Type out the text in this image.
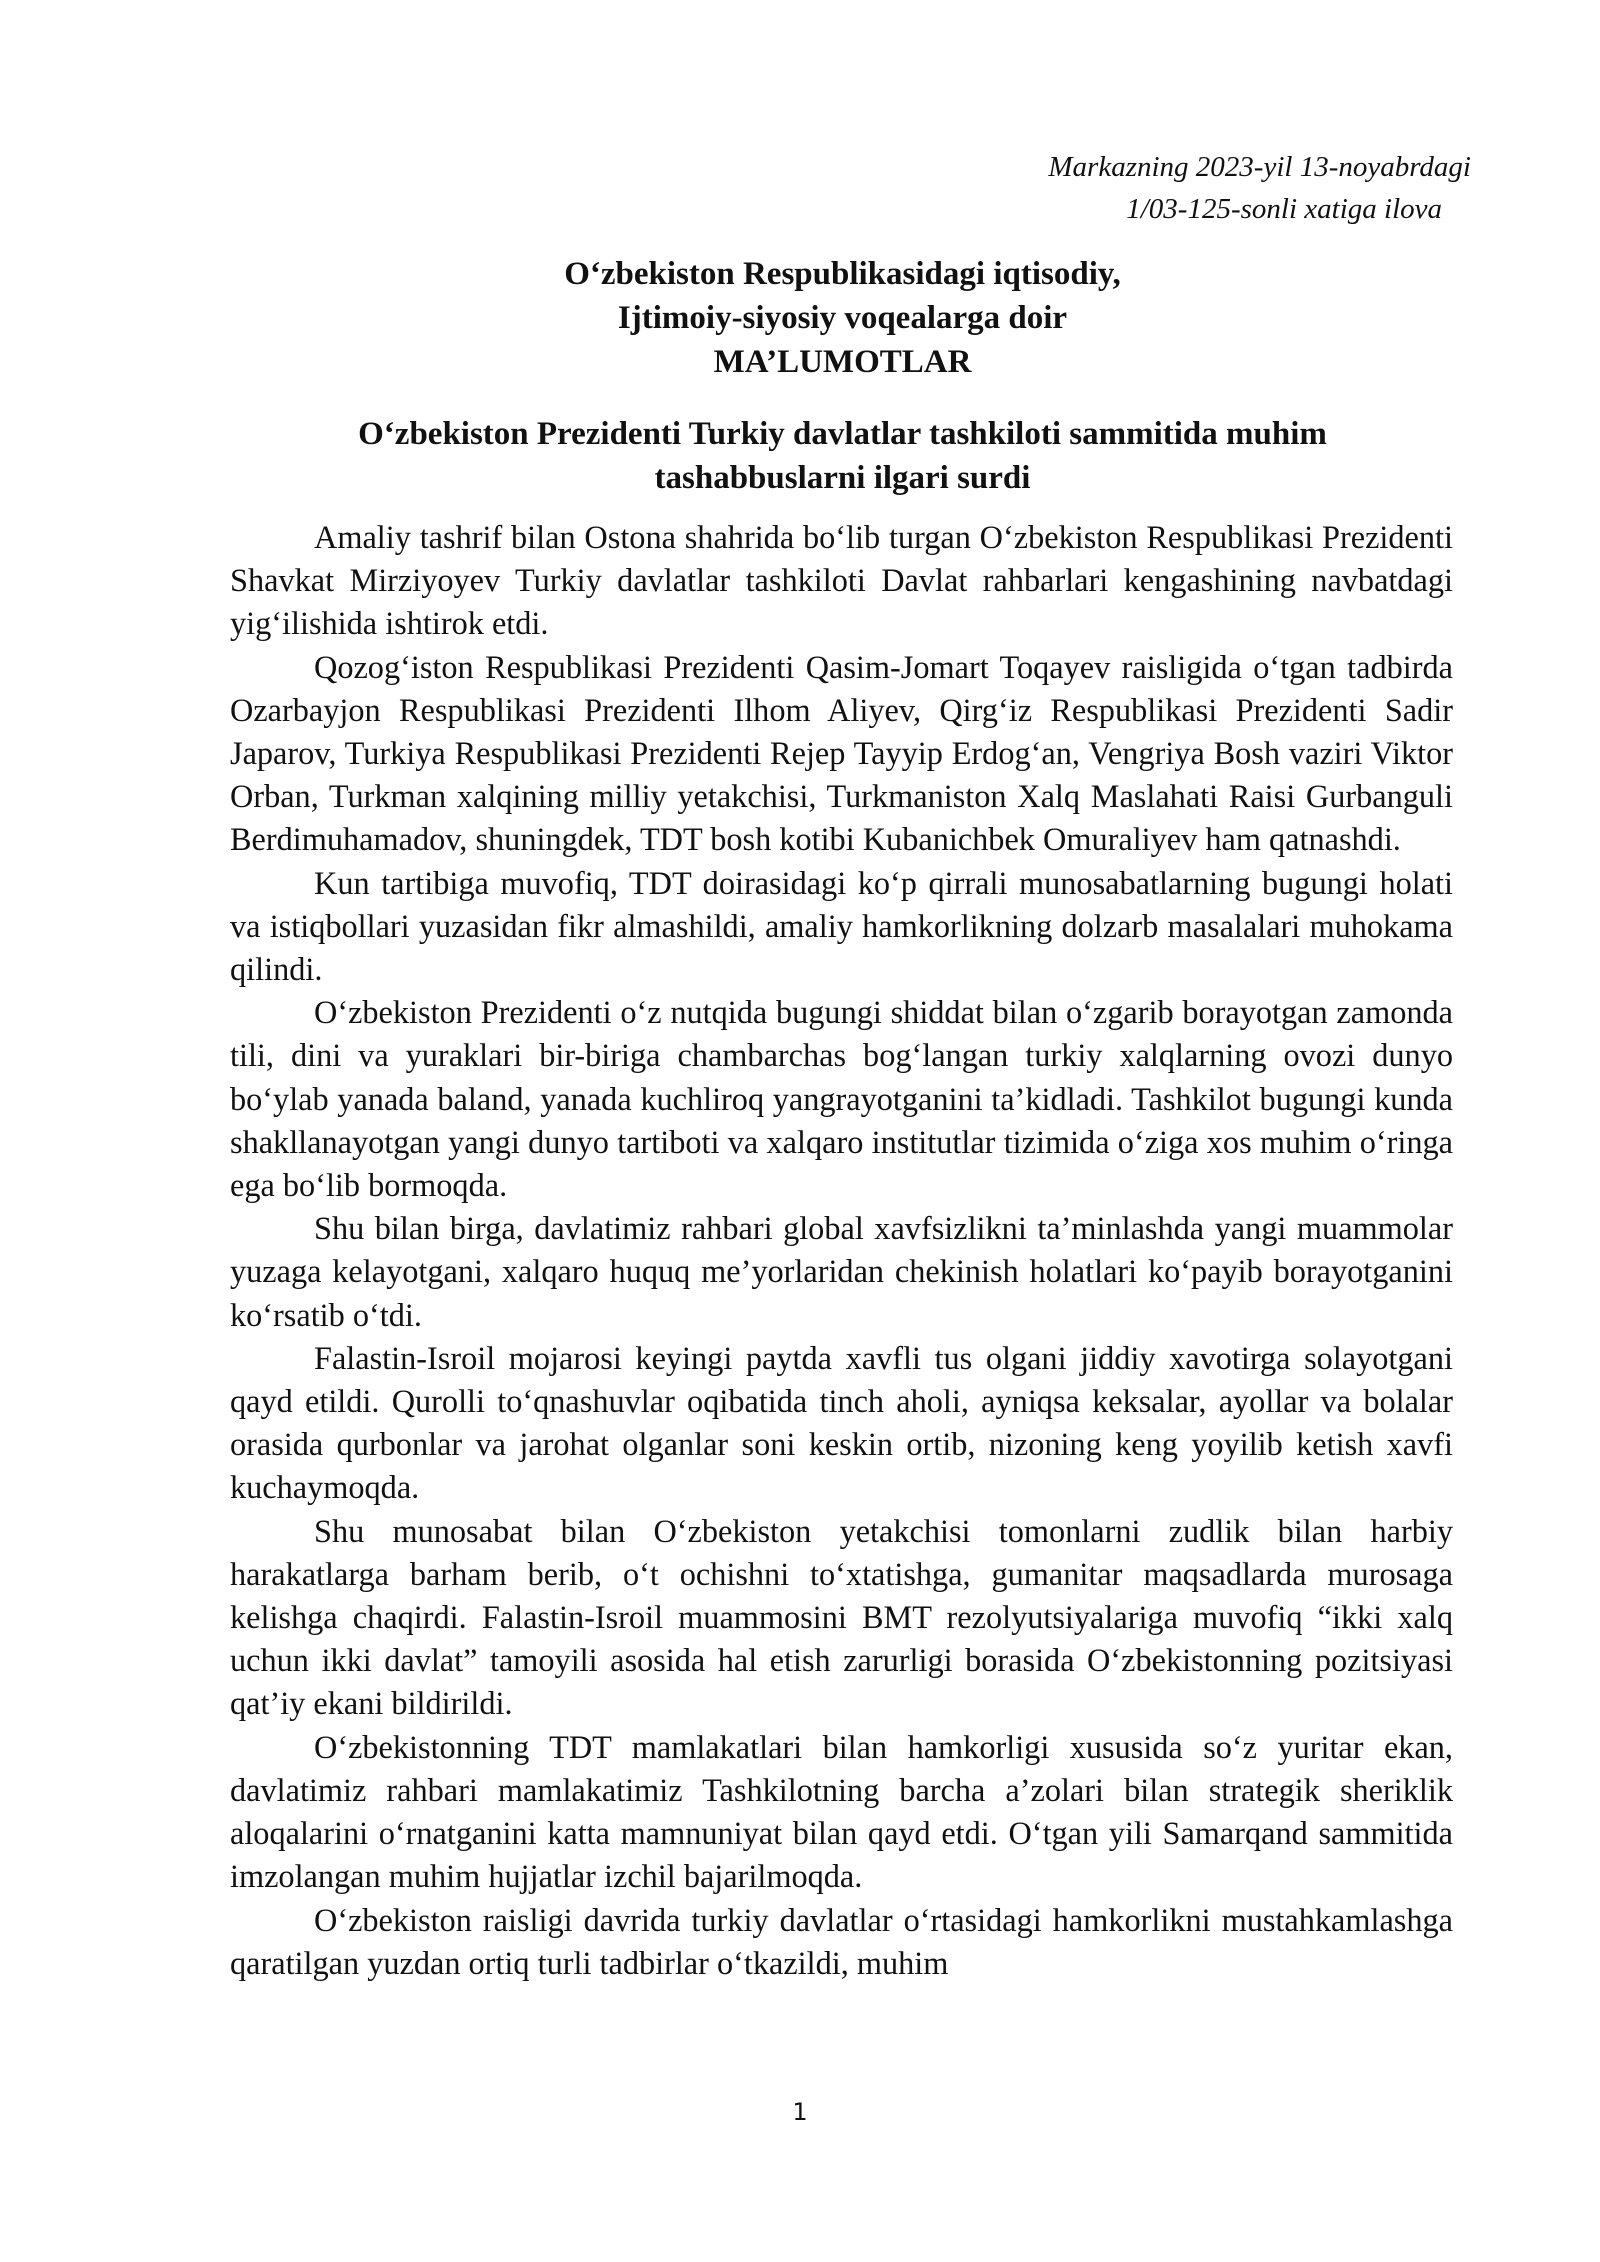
Markazning 2023-yil 13-noyabrdagi
1/03-125-sonli xatiga ilova
O‘zbekiston Respublikasidagi iqtisodiy,
Ijtimoiy-siyosiy voqealarga doir
MA’LUMOTLAR
O‘zbekiston Prezidenti Turkiy davlatlar tashkiloti sammitida muhim
tashabbuslarni ilgari surdi

Amaliy tashrif bilan Ostona shahrida bo‘lib turgan O‘zbekiston Respublikasi Prezidenti Shavkat Mirziyoyev Turkiy davlatlar tashkiloti Davlat rahbarlari kengashining navbatdagi yig‘ilishida ishtirok etdi.

Qozog‘iston Respublikasi Prezidenti Qasim-Jomart Toqayev raisligida o‘tgan tadbirda Ozarbayjon Respublikasi Prezidenti Ilhom Aliyev, Qirg‘iz Respublikasi Prezidenti Sadir Japarov, Turkiya Respublikasi Prezidenti Rejep Tayyip Erdog‘an, Vengriya Bosh vaziri Viktor Orban, Turkman xalqining milliy yetakchisi, Turkmaniston Xalq Maslahati Raisi Gurbanguli Berdimuhamadov, shuningdek, TDT bosh kotibi Kubanichbek Omuraliyev ham qatnashdi.

Kun tartibiga muvofiq, TDT doirasidagi ko‘p qirrali munosabatlarning bugungi holati va istiqbollari yuzasidan fikr almashildi, amaliy hamkorlikning dolzarb masalalari muhokama qilindi.

O‘zbekiston Prezidenti o‘z nutqida bugungi shiddat bilan o‘zgarib borayotgan zamonda tili, dini va yuraklari bir-biriga chambarchas bog‘langan turkiy xalqlarning ovozi dunyo bo‘ylab yanada baland, yanada kuchliroq yangrayotganini ta’kidladi. Tashkilot bugungi kunda shakllanayotgan yangi dunyo tartiboti va xalqaro institutlar tizimida o‘ziga xos muhim o‘ringa ega bo‘lib bormoqda.

Shu bilan birga, davlatimiz rahbari global xavfsizlikni ta’minlashda yangi muammolar yuzaga kelayotgani, xalqaro huquq me’yorlaridan chekinish holatlari ko‘payib borayotganini ko‘rsatib o‘tdi.

Falastin-Isroil mojarosi keyingi paytda xavfli tus olgani jiddiy xavotirga solayotgani qayd etildi. Qurolli to‘qnashuvlar oqibatida tinch aholi, ayniqsa keksalar, ayollar va bolalar orasida qurbonlar va jarohat olganlar soni keskin ortib, nizoning keng yoyilib ketish xavfi kuchaymoqda.

Shu munosabat bilan O‘zbekiston yetakchisi tomonlarni zudlik bilan harbiy harakatlarga barham berib, o‘t ochishni to‘xtatishga, gumanitar maqsadlarda murosaga kelishga chaqirdi. Falastin-Isroil muammosini BMT rezolyutsiyalariga muvofiq “ikki xalq uchun ikki davlat” tamoyili asosida hal etish zarurligi borasida O‘zbekistonning pozitsiyasi qat’iy ekani bildirildi.

O‘zbekistonning TDT mamlakatlari bilan hamkorligi xususida so‘z yuritar ekan, davlatimiz rahbari mamlakatimiz Tashkilotning barcha a’zolari bilan strategik sheriklik aloqalarini o‘rnatganini katta mamnuniyat bilan qayd etdi. O‘tgan yili Samarqand sammitida imzolangan muhim hujjatlar izchil bajarilmoqda.

O‘zbekiston raisligi davrida turkiy davlatlar o‘rtasidagi hamkorlikni mustahkamlashga qaratilgan yuzdan ortiq turli tadbirlar o‘tkazildi, muhim

1
